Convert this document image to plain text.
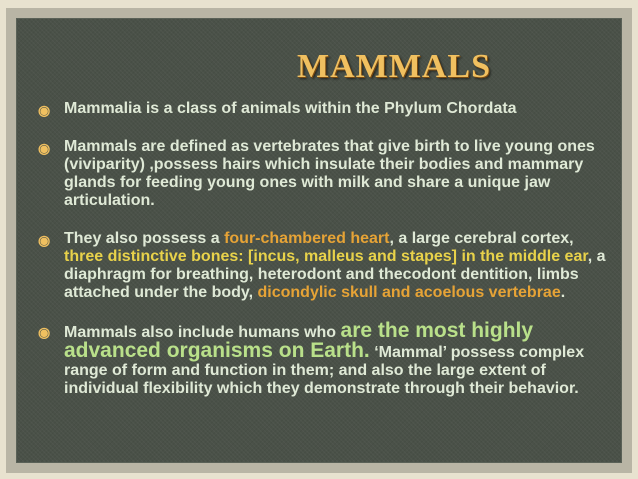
MAMMALS
◉ Mammalia is a class of animals within the Phylum Chordata
◉ Mammals are defined as vertebrates that give birth to live young ones (viviparity) ,possess hairs which insulate their bodies and mammary glands for feeding young ones with milk and share a unique jaw articulation.
◉ They also possess a four-chambered heart, a large cerebral cortex, three distinctive bones: [incus, malleus and stapes] in the middle ear, a diaphragm for breathing, heterodont and thecodont dentition, limbs attached under the body, dicondylic skull and acoelous vertebrae.
◉ Mammals also include humans who are the most highly advanced organisms on Earth. ‘Mammal’ possess complex range of form and function in them; and also the large extent of individual flexibility which they demonstrate through their behavior.
